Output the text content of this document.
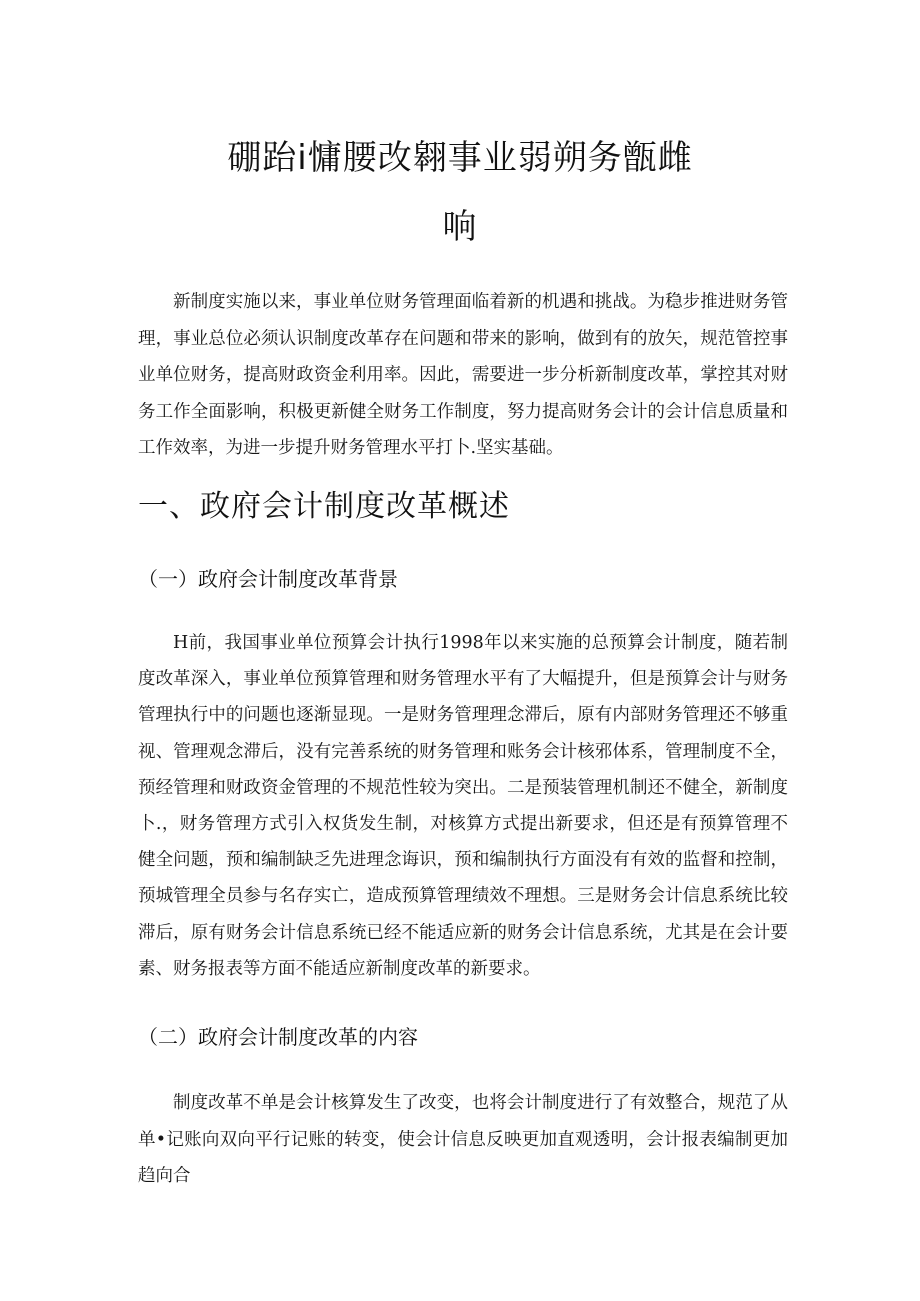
硼跆i慵腰改翱事业弱朔务甑雌
响

新制度实施以来，事业单位财务管理面临着新的机遇和挑战。为稳步推进财务管理，事业总位必须认识制度改革存在问题和带来的影响，做到有的放矢，规范管控事业单位财务，提高财政资金利用率。因此，需要进一步分析新制度改革，掌控其对财务工作全面影响，积极更新健全财务工作制度，努力提高财务会计的会计信息质量和工作效率，为进一步提升财务管理水平打卜.坚实基础。

一、政府会计制度改革概述
（一）政府会计制度改革背景

H前，我国事业单位预算会计执行1998年以来实施的总预算会计制度，随若制度改革深入，事业单位预算管理和财务管理水平有了大幅提升，但是预算会计与财务管理执行中的问题也逐渐显现。一是财务管理理念滞后，原有内部财务管理还不够重视、管理观念滞后，没有完善系统的财务管理和账务会计核邪体系，管理制度不全，预经管理和财政资金管理的不规范性较为突出。二是预装管理机制还不健全，新制度卜.，财务管理方式引入权货发生制，对核算方式提出新要求，但还是有预算管理不健全问题，预和编制缺乏先进理念诲识，预和编制执行方面没有有效的监督和控制，预城管理全员参与名存实亡，造成预算管理绩效不理想。三是财务会计信息系统比较滞后，原有财务会计信息系统已经不能适应新的财务会计信息系统，尤其是在会计要素、财务报表等方面不能适应新制度改革的新要求。

（二）政府会计制度改革的内容

制度改革不单是会计核算发生了改变，也将会计制度进行了有效整合，规范了从单•记账向双向平行记账的转变，使会计信息反映更加直观透明，会计报表编制更加趋向合
